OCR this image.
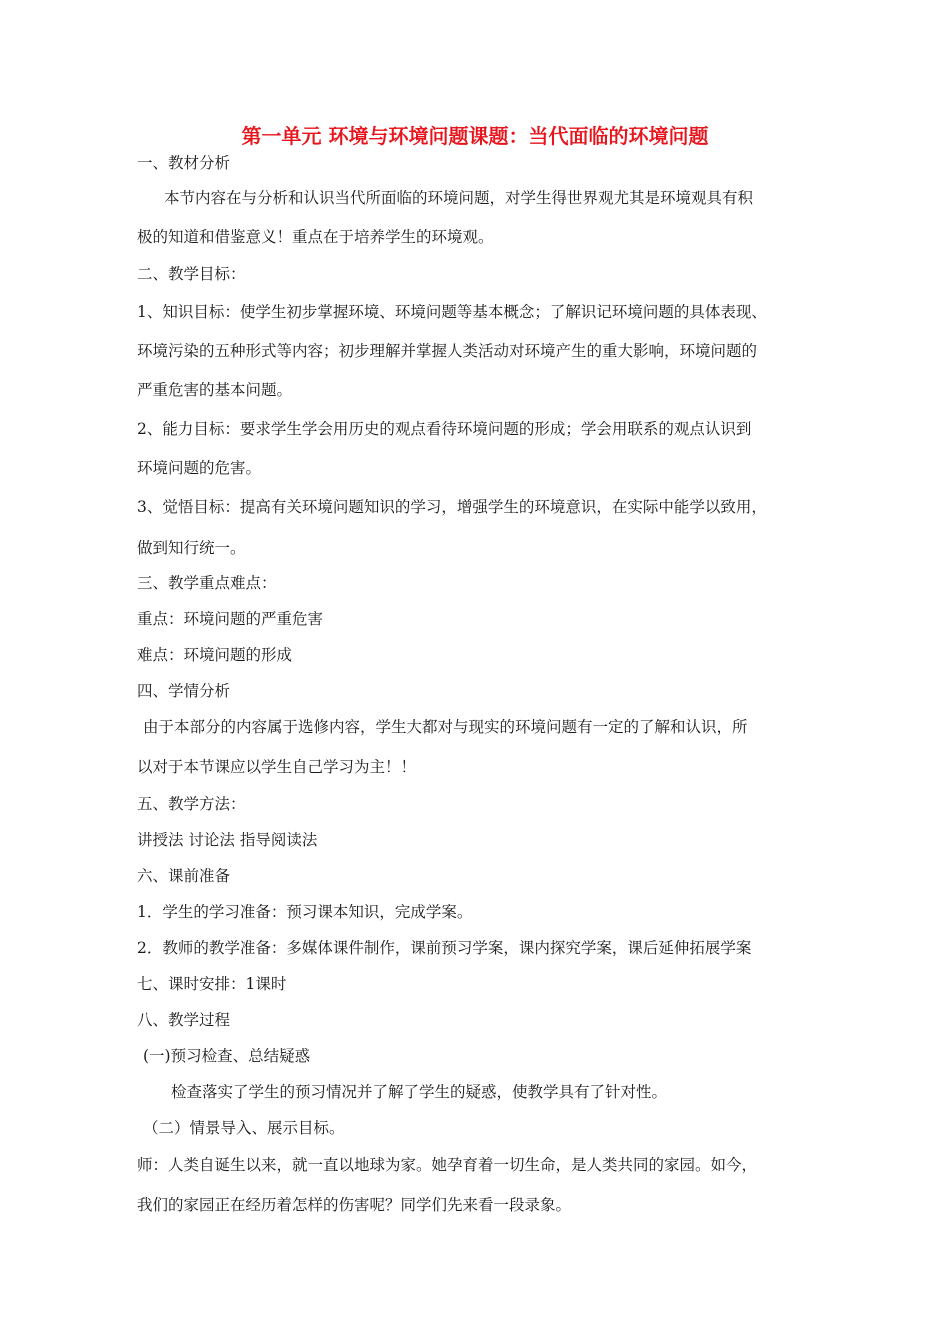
第一单元 环境与环境问题课题：当代面临的环境问题
一、教材分析
本节内容在与分析和认识当代所面临的环境问题，对学生得世界观尤其是环境观具有积
极的知道和借鉴意义！重点在于培养学生的环境观。
二、教学目标：
1、知识目标：使学生初步掌握环境、环境问题等基本概念；了解识记环境问题的具体表现、
环境污染的五种形式等内容；初步理解并掌握人类活动对环境产生的重大影响，环境问题的
严重危害的基本问题。
2、能力目标：要求学生学会用历史的观点看待环境问题的形成；学会用联系的观点认识到
环境问题的危害。
3、觉悟目标：提高有关环境问题知识的学习，增强学生的环境意识，在实际中能学以致用，
做到知行统一。
三、教学重点难点：
重点：环境问题的严重危害
难点：环境问题的形成
四、学情分析
由于本部分的内容属于选修内容，学生大都对与现实的环境问题有一定的了解和认识，所
以对于本节课应以学生自己学习为主！！
五、教学方法：
讲授法 讨论法 指导阅读法
六、课前准备
1．学生的学习准备：预习课本知识，完成学案。
2．教师的教学准备：多媒体课件制作，课前预习学案，课内探究学案，课后延伸拓展学案
七、课时安排：1课时
八、教学过程
(一)预习检查、总结疑惑
检查落实了学生的预习情况并了解了学生的疑惑，使教学具有了针对性。
（二）情景导入、展示目标。
师：人类自诞生以来，就一直以地球为家。她孕育着一切生命，是人类共同的家园。如今，
我们的家园正在经历着怎样的伤害呢？同学们先来看一段录象。
